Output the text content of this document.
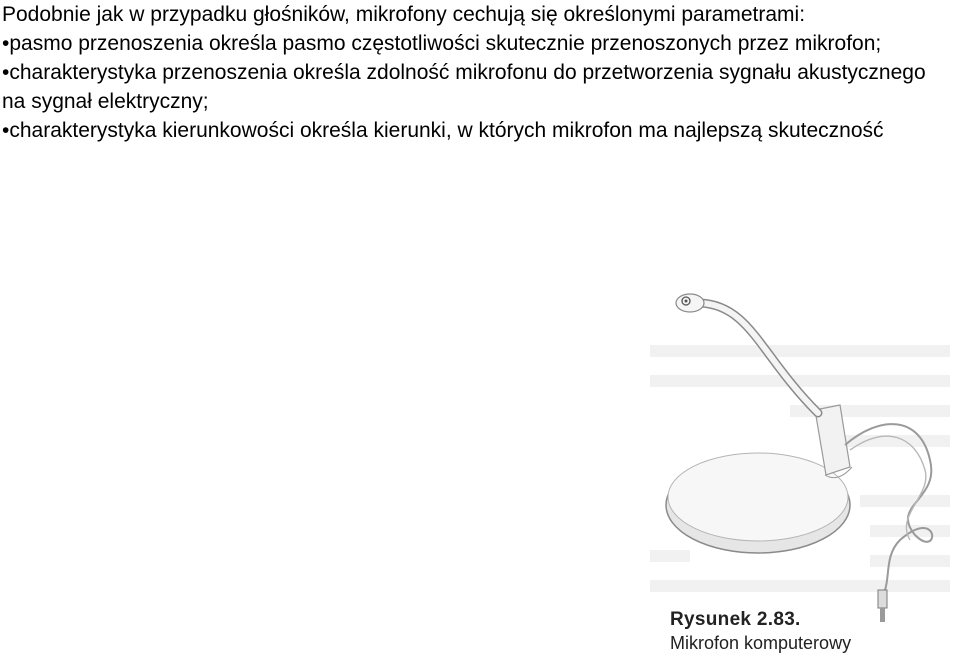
Podobnie jak w przypadku głośników, mikrofony cechują się określonymi parametrami:

•pasmo przenoszenia określa pasmo częstotliwości skutecznie przenoszonych przez mikrofon;

•charakterystyka przenoszenia określa zdolność mikrofonu do przetworzenia sygnału akustycznego na sygnał elektryczny;

•charakterystyka kierunkowości określa kierunki, w których mikrofon ma najlepszą skuteczność

Rysunek 2.83.
Mikrofon komputerowy
